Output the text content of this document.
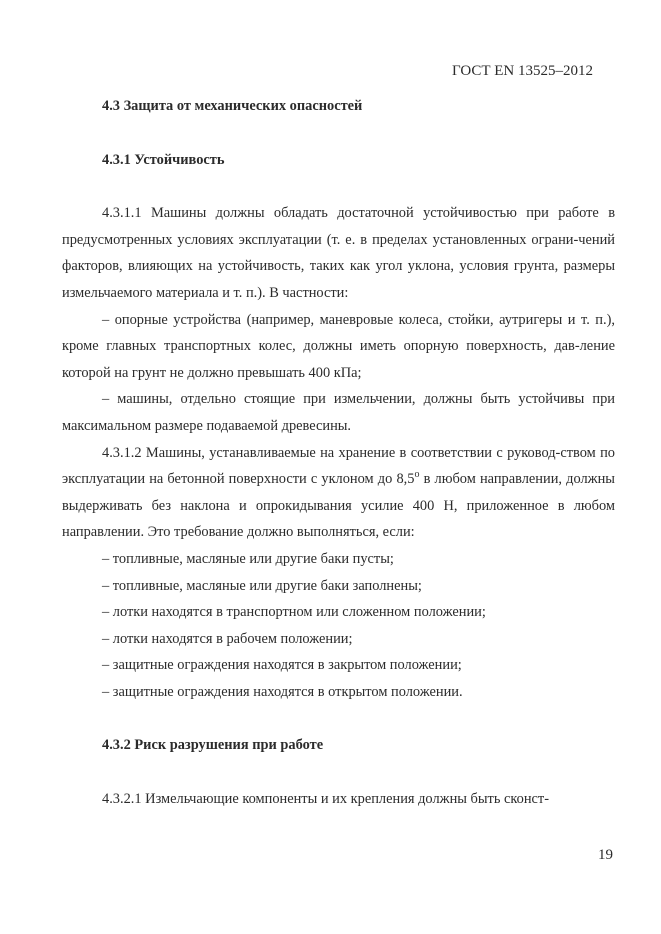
ГОСТ EN 13525–2012

4.3 Защита от механических опасностей

4.3.1 Устойчивость

4.3.1.1 Машины должны обладать достаточной устойчивостью при работе в предусмотренных условиях эксплуатации (т. е. в пределах установленных ограни-чений факторов, влияющих на устойчивость, таких как угол уклона, условия грунта, размеры измельчаемого материала и т. п.). В частности:

– опорные устройства (например, маневровые колеса, стойки, аутригеры и т. п.), кроме главных транспортных колес, должны иметь опорную поверхность, дав-ление которой на грунт не должно превышать 400 кПа;

– машины, отдельно стоящие при измельчении, должны быть устойчивы при максимальном размере подаваемой древесины.

4.3.1.2 Машины, устанавливаемые на хранение в соответствии с руковод-ством по эксплуатации на бетонной поверхности с уклоном до 8,5$^o$ в любом направлении, должны выдерживать без наклона и опрокидывания усилие 400 Н, приложенное в любом направлении. Это требование должно выполняться, если:

– топливные, масляные или другие баки пусты;

– топливные, масляные или другие баки заполнены;

– лотки находятся в транспортном или сложенном положении;

– лотки находятся в рабочем положении;

– защитные ограждения находятся в закрытом положении;

– защитные ограждения находятся в открытом положении.

4.3.2 Риск разрушения при работе

4.3.2.1 Измельчающие компоненты и их крепления должны быть сконст-

19
